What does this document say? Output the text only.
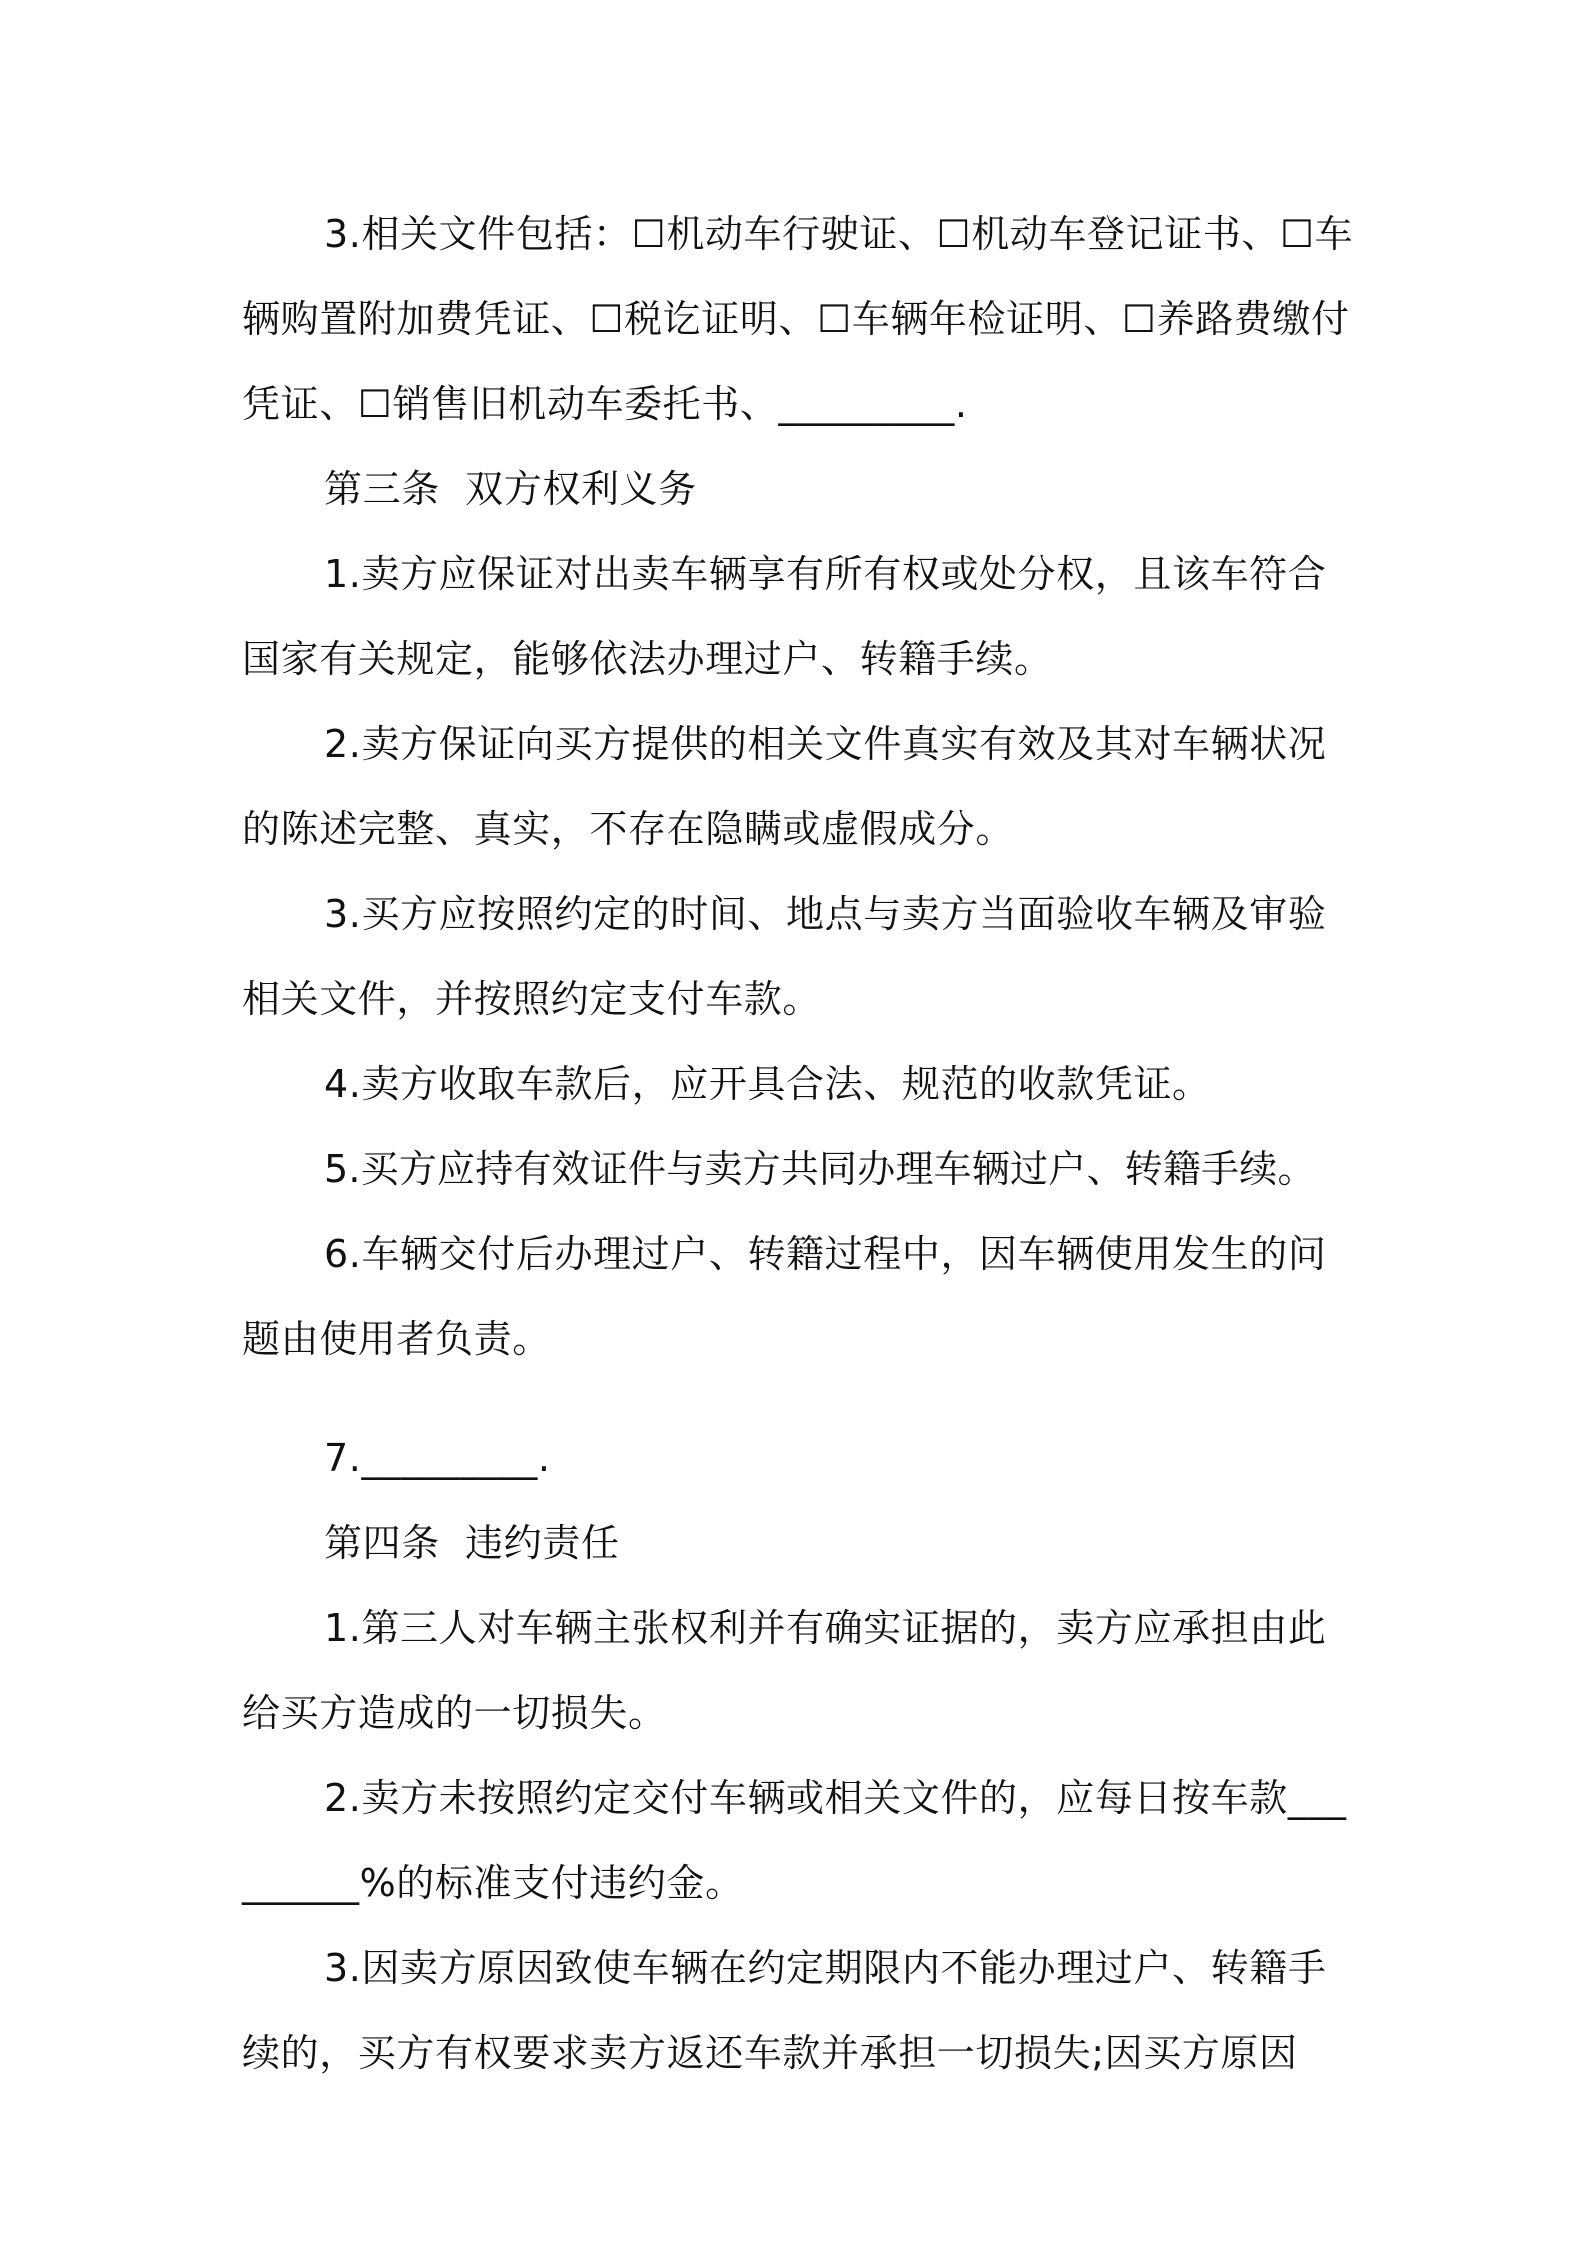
3.相关文件包括：☐机动车行驶证、☐机动车登记证书、☐车辆购置附加费凭证、☐税讫证明、☐车辆年检证明、☐养路费缴付凭证、☐销售旧机动车委托书、_________.

第三条  双方权利义务

1.卖方应保证对出卖车辆享有所有权或处分权，且该车符合国家有关规定，能够依法办理过户、转籍手续。

2.卖方保证向买方提供的相关文件真实有效及其对车辆状况的陈述完整、真实，不存在隐瞒或虚假成分。

3.买方应按照约定的时间、地点与卖方当面验收车辆及审验相关文件，并按照约定支付车款。

4.卖方收取车款后，应开具合法、规范的收款凭证。

5.买方应持有效证件与卖方共同办理车辆过户、转籍手续。

6.车辆交付后办理过户、转籍过程中，因车辆使用发生的问题由使用者负责。

7._________.

第四条  违约责任

1.第三人对车辆主张权利并有确实证据的，卖方应承担由此给买方造成的一切损失。

2.卖方未按照约定交付车辆或相关文件的，应每日按车款_________%的标准支付违约金。

3.因卖方原因致使车辆在约定期限内不能办理过户、转籍手续的，买方有权要求卖方返还车款并承担一切损失;因买方原因
